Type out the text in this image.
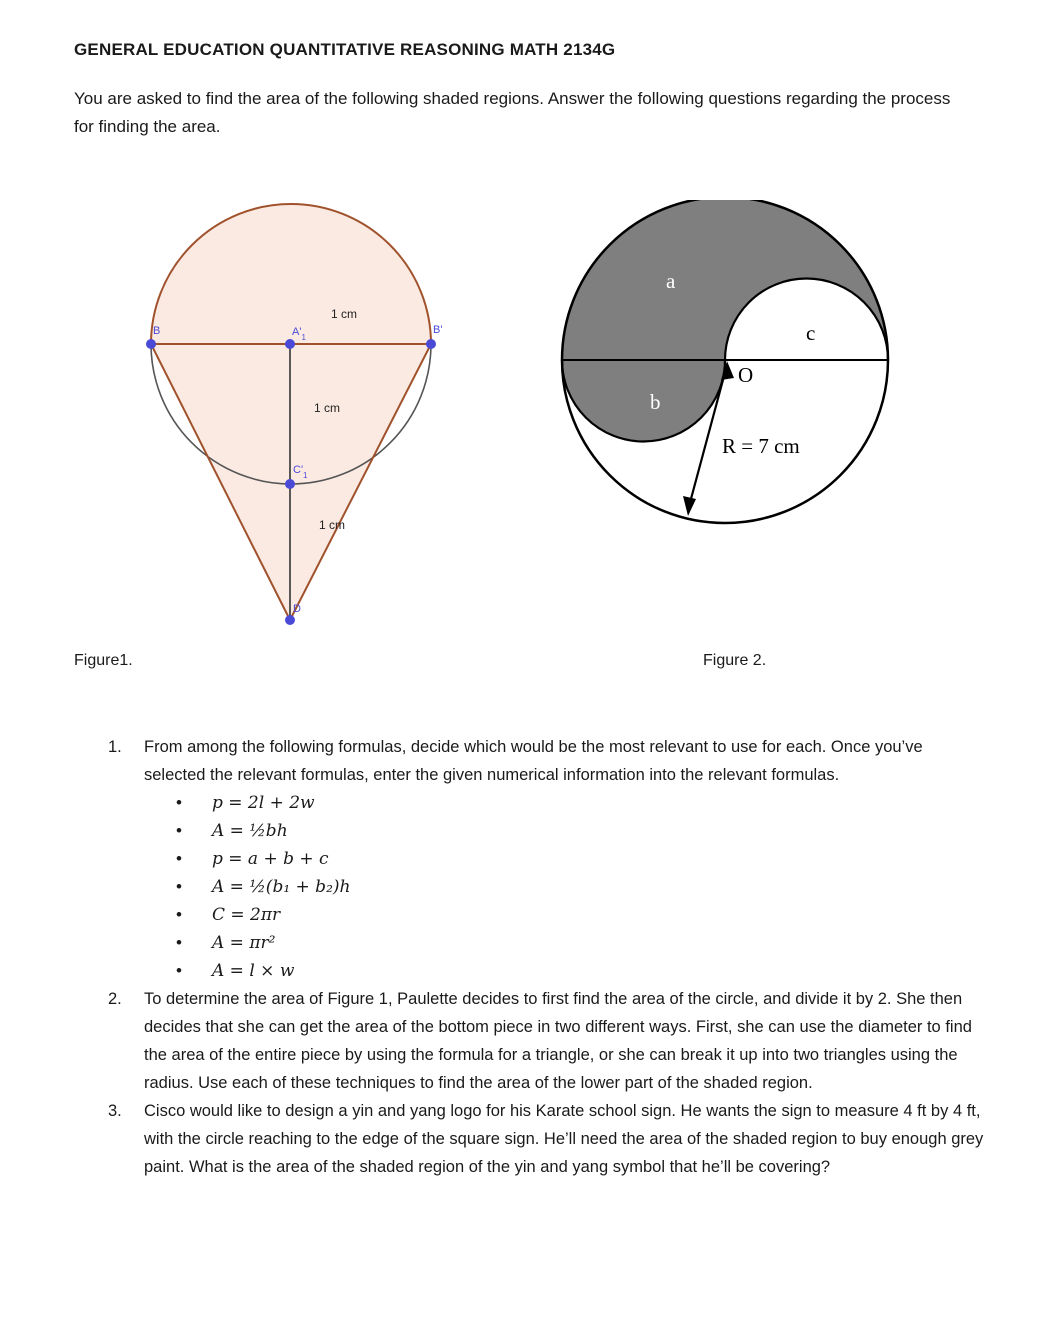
GENERAL EDUCATION QUANTITATIVE REASONING MATH 2134G
You are asked to find the area of the following shaded regions. Answer the following questions regarding the process for finding the area.
B	$A'_1$
B'
$C'_1$
D
1 cm
1 cm
1 cm
Figure1.
a
b
c
O
R = 7 cm
Figure 2.
1. From among the following formulas, decide which would be the most relevant to use for each. Once you’ve selected the relevant formulas, enter the given numerical information into the relevant formulas.
• p = 2l + 2w
• A = ½bh
• p = a + b + c
• A = ½(b₁ + b₂)h
• C = 2πr
• A = πr²
• A = l × w
2. To determine the area of Figure 1, Paulette decides to first find the area of the circle, and divide it by 2. She then decides that she can get the area of the bottom piece in two different ways. First, she can use the diameter to find the area of the entire piece by using the formula for a triangle, or she can break it up into two triangles using the radius. Use each of these techniques to find the area of the lower part of the shaded region.
3. Cisco would like to design a yin and yang logo for his Karate school sign. He wants the sign to measure 4 ft by 4 ft, with the circle reaching to the edge of the square sign. He’ll need the area of the shaded region to buy enough grey paint. What is the area of the shaded region of the yin and yang symbol that he’ll be covering?
